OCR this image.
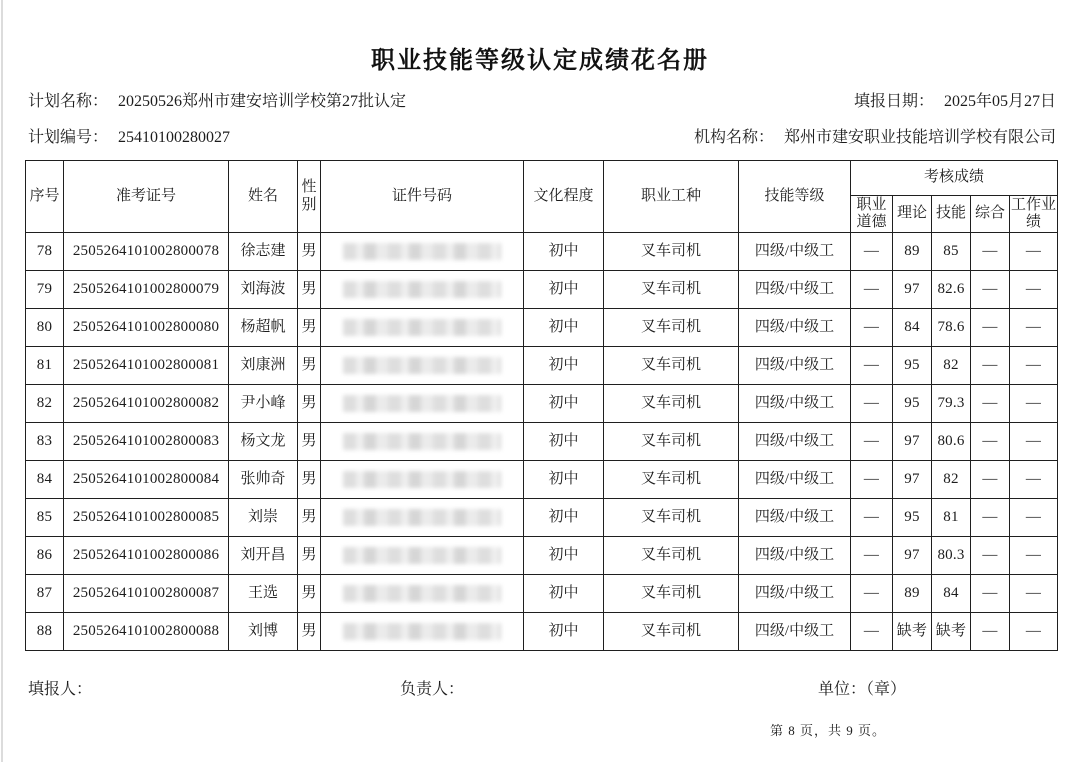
职业技能等级认定成绩花名册
计划名称： 20250526郑州市建安培训学校第27批认定	填报日期： 2025年05月27日
计划编号： 25410100280027	机构名称： 郑州市建安职业技能培训学校有限公司
序号	准考证号	姓名	性别	证件号码	文化程度	职业工种	技能等级	考核成绩				
								职业道德	理论	技能	综合	工作业绩
78	2505264101002800078	徐志建	男		初中	叉车司机	四级/中级工	—	89	85	—	—
79	2505264101002800079	刘海波	男		初中	叉车司机	四级/中级工	—	97	82.6	—	—
80	2505264101002800080	杨超帆	男		初中	叉车司机	四级/中级工	—	84	78.6	—	—
81	2505264101002800081	刘康洲	男		初中	叉车司机	四级/中级工	—	95	82	—	—
82	2505264101002800082	尹小峰	男		初中	叉车司机	四级/中级工	—	95	79.3	—	—
83	2505264101002800083	杨文龙	男		初中	叉车司机	四级/中级工	—	97	80.6	—	—
84	2505264101002800084	张帅奇	男		初中	叉车司机	四级/中级工	—	97	82	—	—
85	2505264101002800085	刘崇	男		初中	叉车司机	四级/中级工	—	95	81	—	—
86	2505264101002800086	刘开昌	男		初中	叉车司机	四级/中级工	—	97	80.3	—	—
87	2505264101002800087	王选	男		初中	叉车司机	四级/中级工	—	89	84	—	—
88	2505264101002800088	刘博	男		初中	叉车司机	四级/中级工	—	缺考	缺考	—	—
填报人：	负责人：	单位：（章）
第 8 页，共 9 页。
